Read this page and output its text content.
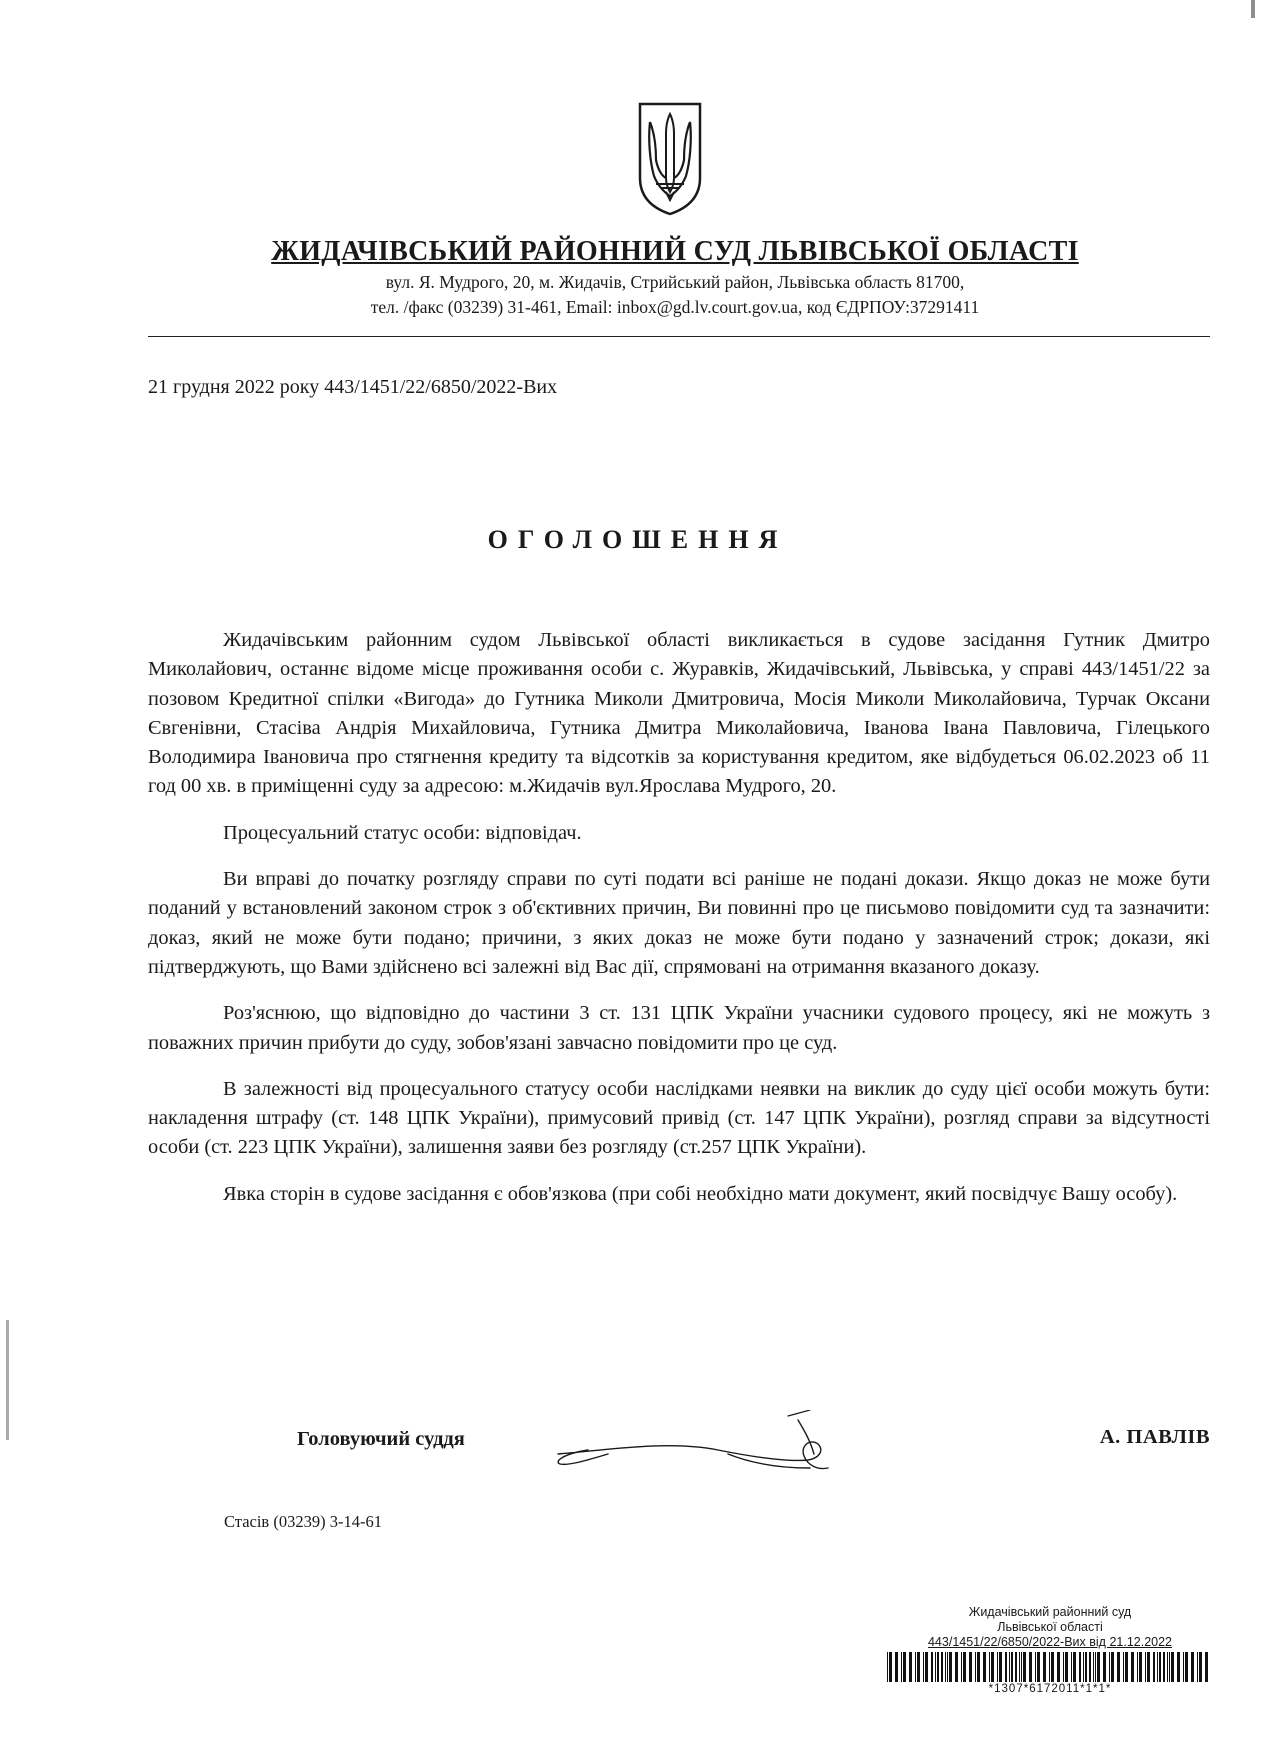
ЖИДАЧІВСЬКИЙ РАЙОННИЙ СУД ЛЬВІВСЬКОЇ ОБЛАСТІ
вул. Я. Мудрого, 20, м. Жидачів, Стрийський район, Львівська область 81700,
тел. /факс (03239) 31-461, Email: inbox@gd.lv.court.gov.ua, код ЄДРПОУ:37291411
21 грудня 2022 року 443/1451/22/6850/2022-Вих
ОГОЛОШЕННЯ

Жидачівським районним судом Львівської області викликається в судове засідання Гутник Дмитро Миколайович, останнє відоме місце проживання особи с. Журавків, Жидачівський, Львівська, у справі 443/1451/22 за позовом Кредитної спілки «Вигода» до Гутника Миколи Дмитровича, Мосія Миколи Миколайовича, Турчак Оксани Євгенівни, Стасіва Андрія Михайловича, Гутника Дмитра Миколайовича, Іванова Івана Павловича, Гілецького Володимира Івановича про стягнення кредиту та відсотків за користування кредитом, яке відбудеться 06.02.2023 об 11 год 00 хв. в приміщенні суду за адресою: м.Жидачів вул.Ярослава Мудрого, 20.

Процесуальний статус особи: відповідач.

Ви вправі до початку розгляду справи по суті подати всі раніше не подані докази. Якщо доказ не може бути поданий у встановлений законом строк з об'єктивних причин, Ви повинні про це письмово повідомити суд та зазначити: доказ, який не може бути подано; причини, з яких доказ не може бути подано у зазначений строк; докази, які підтверджують, що Вами здійснено всі залежні від Вас дії, спрямовані на отримання вказаного доказу.

Роз'яснюю, що відповідно до частини 3 ст. 131 ЦПК України учасники судового процесу, які не можуть з поважних причин прибути до суду, зобов'язані завчасно повідомити про це суд.

В залежності від процесуального статусу особи наслідками неявки на виклик до суду цієї особи можуть бути: накладення штрафу (ст. 148 ЦПК України), примусовий привід (ст. 147 ЦПК України), розгляд справи за відсутності особи (ст. 223 ЦПК України), залишення заяви без розгляду (ст.257 ЦПК України).

Явка сторін в судове засідання є обов'язкова (при собі необхідно мати документ, який посвідчує Вашу особу).

Головуючий суддя	А. ПАВЛІВ
Стасів (03239) 3-14-61
Жидачівський районний суд
Львівської області
443/1451/22/6850/2022-Вих від 21.12.2022
*1307*6172011*1*1*
